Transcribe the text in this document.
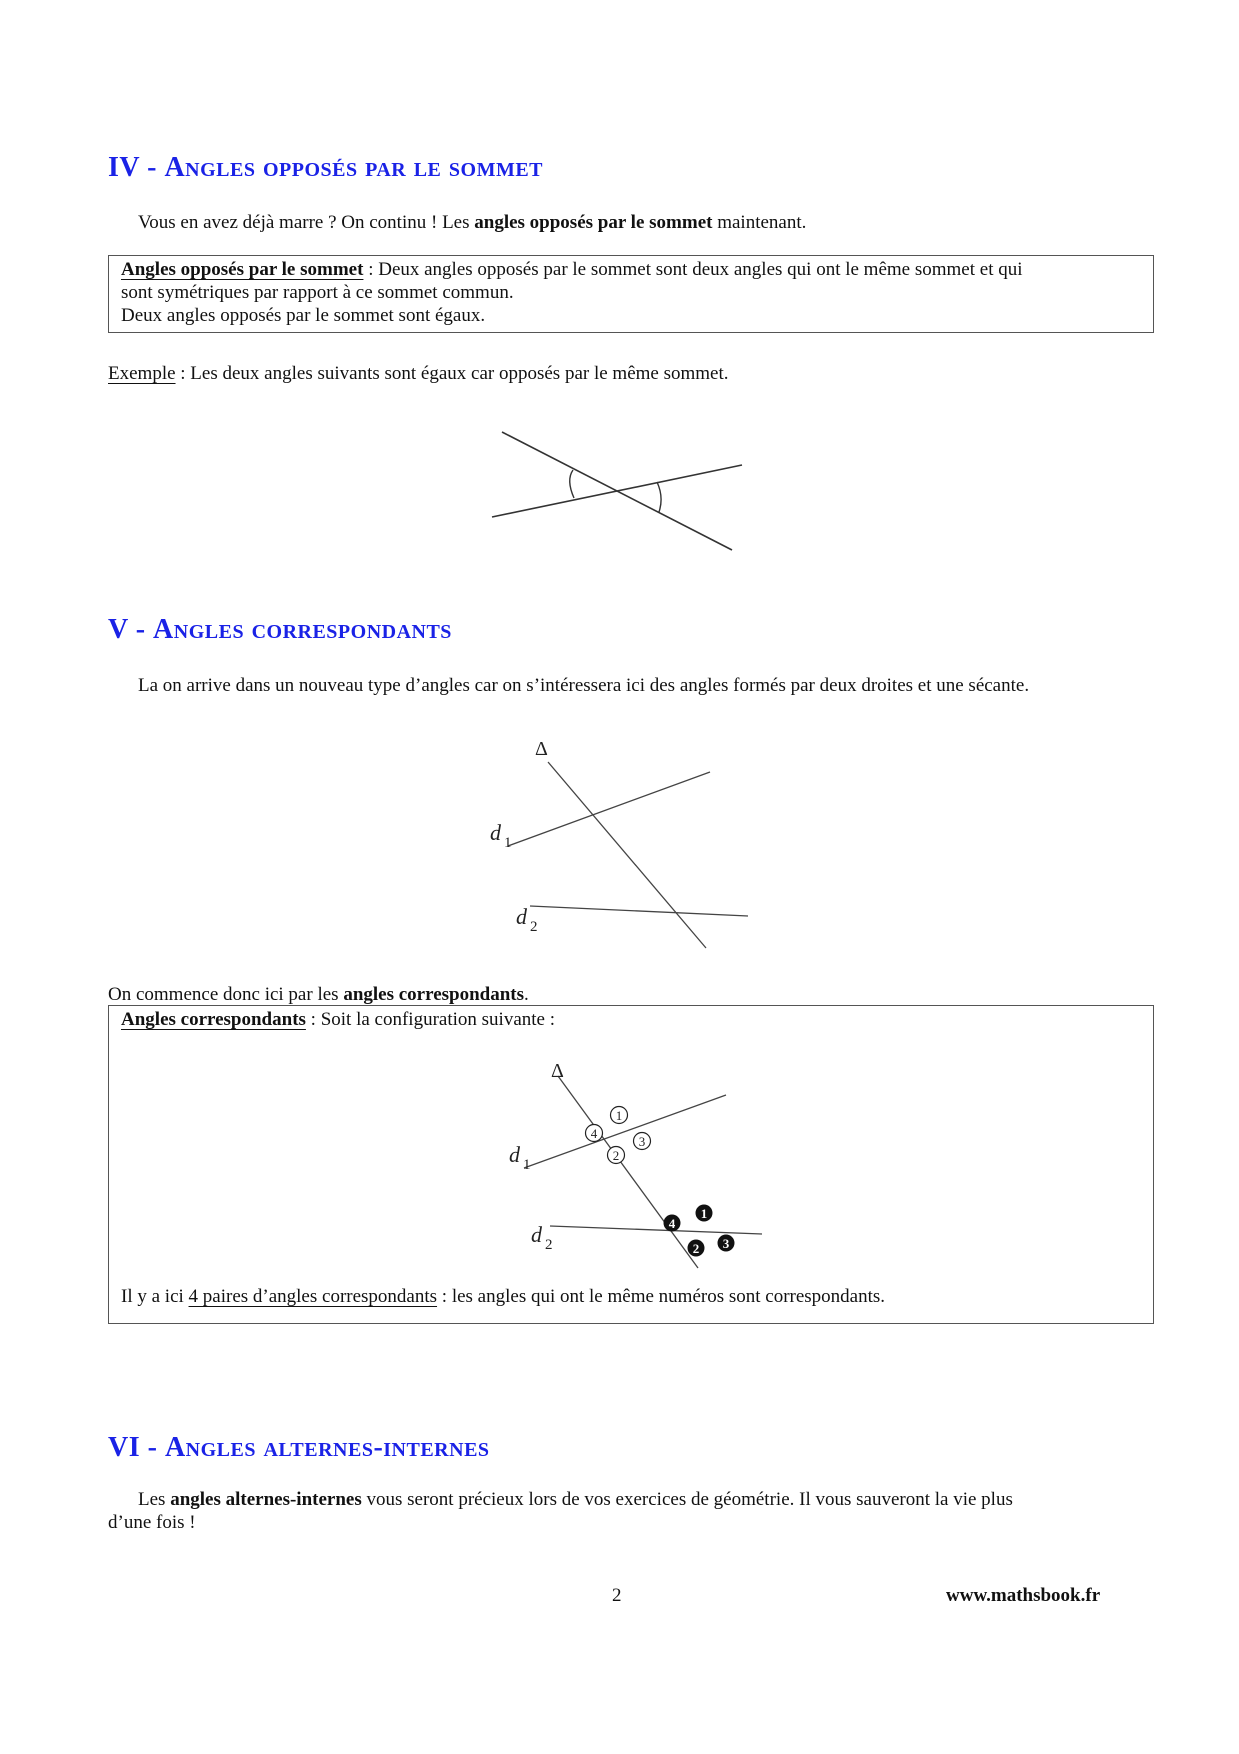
IV - Angles opposés par le sommet
Vous en avez déjà marre ? On continu ! Les angles opposés par le sommet maintenant.
Angles opposés par le sommet : Deux angles opposés par le sommet sont deux angles qui ont le même sommet et qui
sont symétriques par rapport à ce sommet commun.
Deux angles opposés par le sommet sont égaux.
Exemple : Les deux angles suivants sont égaux car opposés par le même sommet.
V - Angles correspondants
La on arrive dans un nouveau type d’angles car on s’intéressera ici des angles formés par deux droites et une sécante.
Δ
d 1
d 2
On commence donc ici par les angles correspondants.
Angles correspondants : Soit la configuration suivante :
Δ
d 1
d 2
1
2
3
4
1
2 3
4
Il y a ici 4 paires d’angles correspondants : les angles qui ont le même numéros sont correspondants.
VI - Angles alternes-internes
Les angles alternes-internes vous seront précieux lors de vos exercices de géométrie. Il vous sauveront la vie plus
d’une fois !
2	www.mathsbook.fr
